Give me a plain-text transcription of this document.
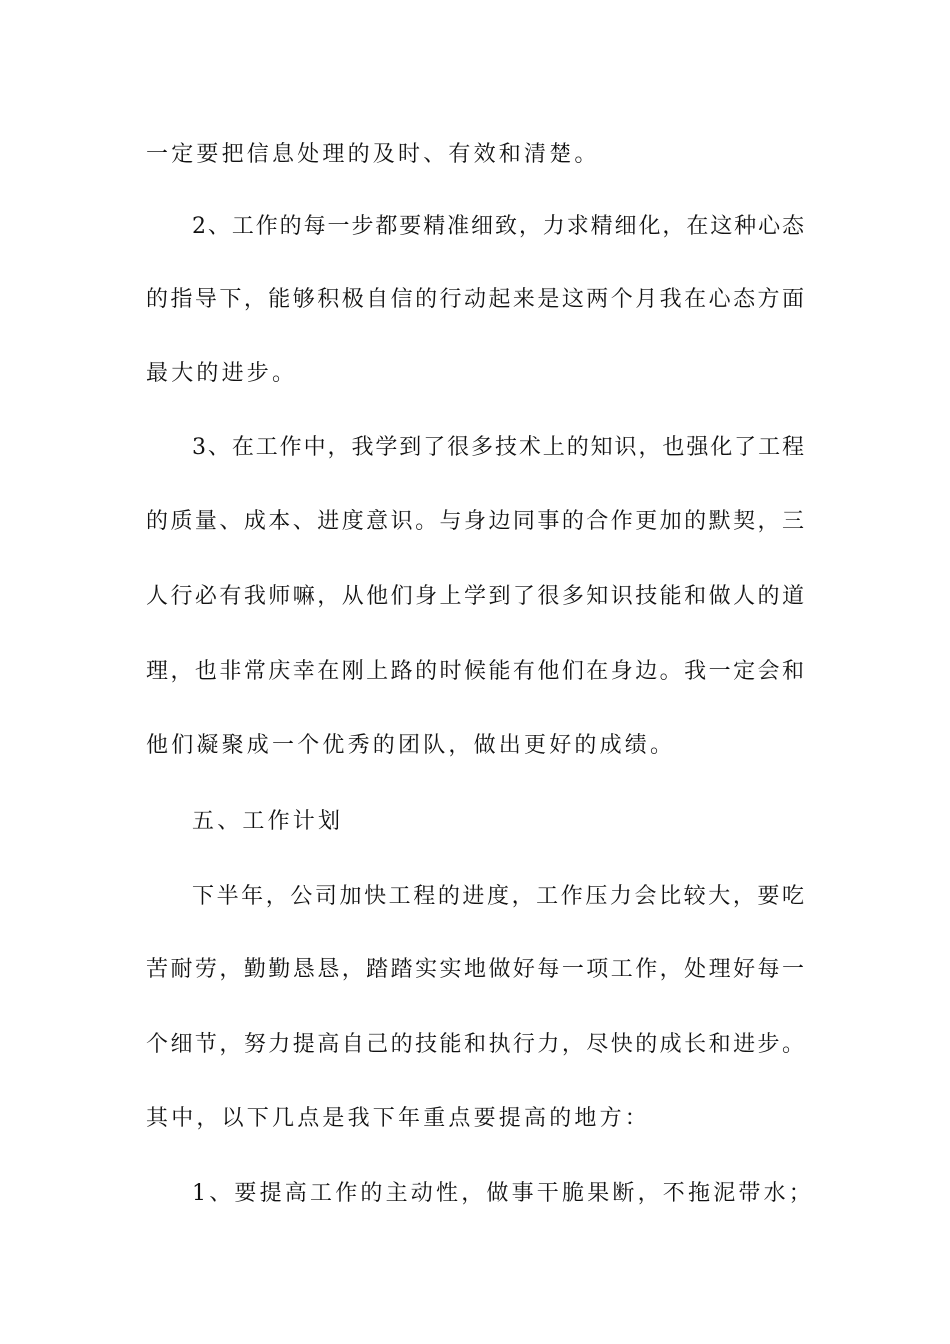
一定要把信息处理的及时、有效和清楚。
2、工作的每一步都要精准细致，力求精细化，在这种心态
的指导下，能够积极自信的行动起来是这两个月我在心态方面
最大的进步。
3、在工作中，我学到了很多技术上的知识，也强化了工程
的质量、成本、进度意识。与身边同事的合作更加的默契，三
人行必有我师嘛，从他们身上学到了很多知识技能和做人的道
理，也非常庆幸在刚上路的时候能有他们在身边。我一定会和
他们凝聚成一个优秀的团队，做出更好的成绩。
五、工作计划
下半年，公司加快工程的进度，工作压力会比较大，要吃
苦耐劳，勤勤恳恳，踏踏实实地做好每一项工作，处理好每一
个细节，努力提高自己的技能和执行力，尽快的成长和进步。
其中，以下几点是我下年重点要提高的地方：
1、要提高工作的主动性，做事干脆果断，不拖泥带水；
